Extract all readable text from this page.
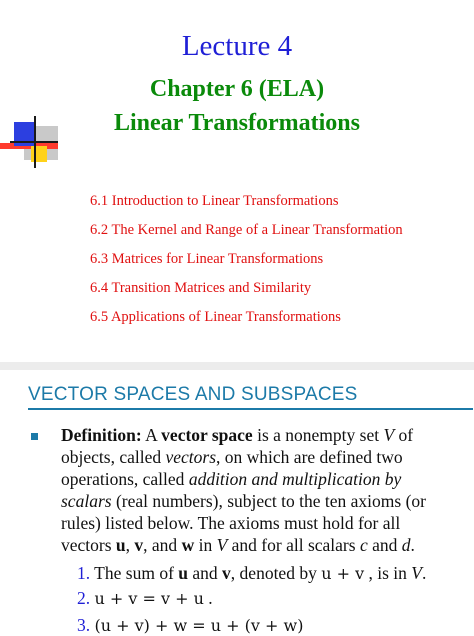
Lecture 4
Chapter 6 (ELA)
Linear Transformations
6.1 Introduction to Linear Transformations
6.2 The Kernel and Range of a Linear Transformation
6.3 Matrices for Linear Transformations
6.4 Transition Matrices and Similarity
6.5 Applications of Linear Transformations
VECTOR SPACES AND SUBSPACES
Definition: A vector space is a nonempty set V of
objects, called vectors, on which are defined two
operations, called addition and multiplication by
scalars (real numbers), subject to the ten axioms (or
rules) listed below. The axioms must hold for all
vectors u, v, and w in V and for all scalars c and d.
1. The sum of u and v, denoted by u + v , is in V.
2. u + v = v + u .
3. (u + v) + w = u + (v + w)
